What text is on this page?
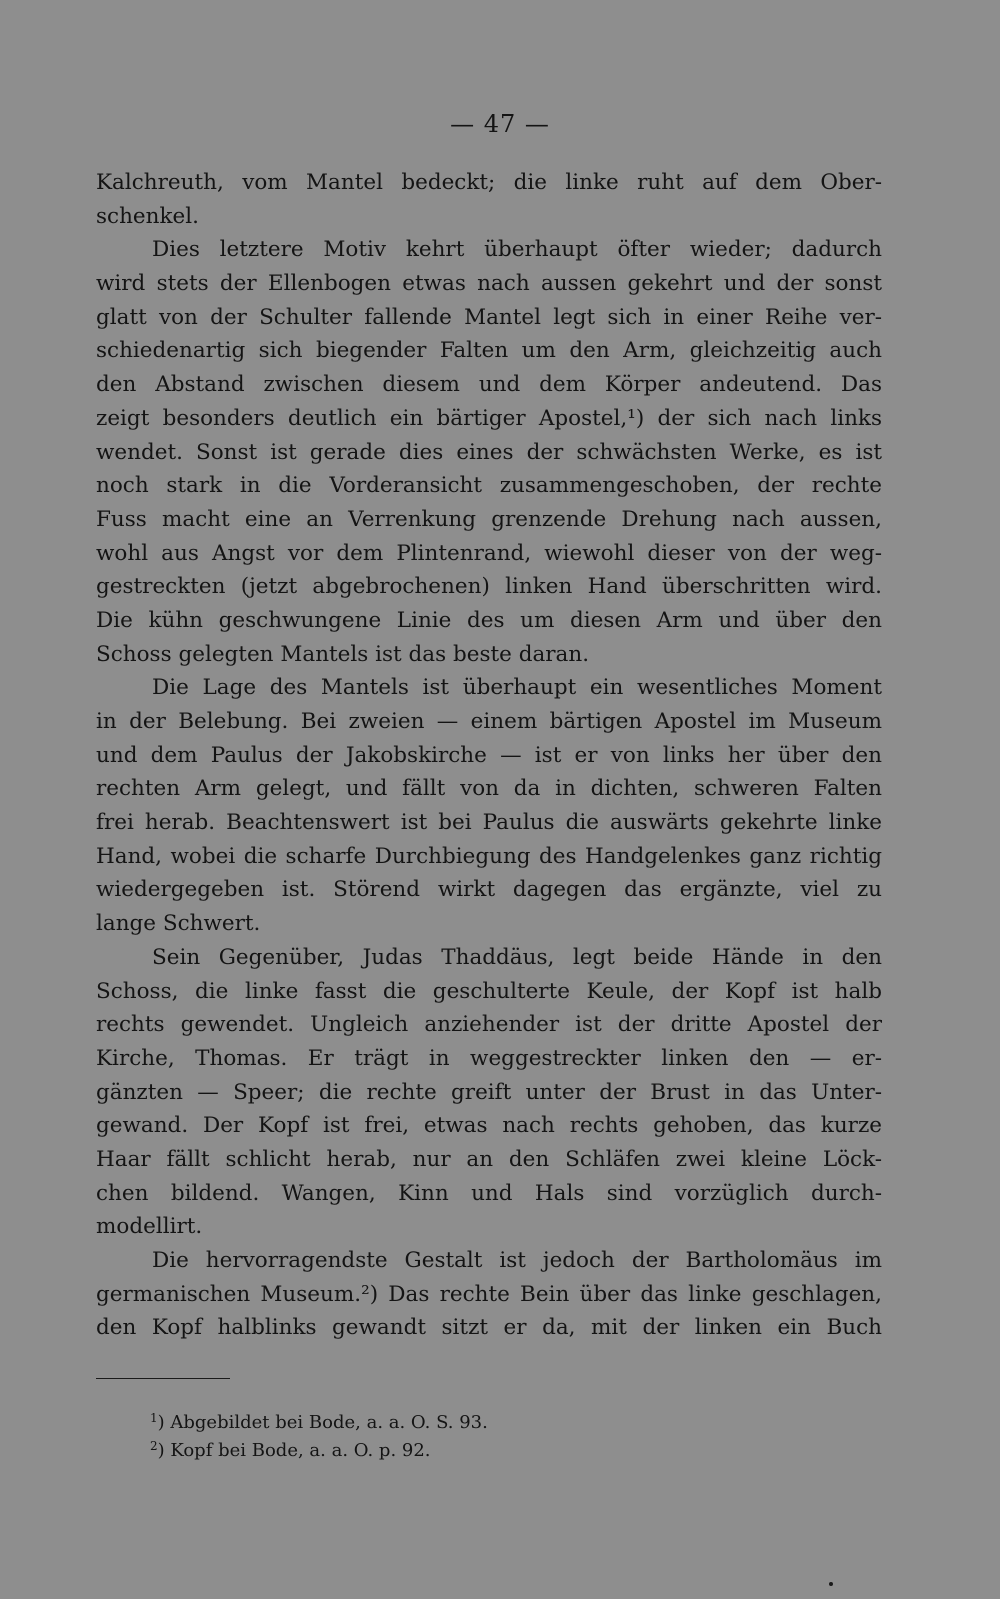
— 47 —
Kalchreuth, vom Mantel bedeckt; die linke ruht auf dem Ober-
schenkel.
Dies letztere Motiv kehrt überhaupt öfter wieder; dadurch
wird stets der Ellenbogen etwas nach aussen gekehrt und der sonst
glatt von der Schulter fallende Mantel legt sich in einer Reihe ver-
schiedenartig sich biegender Falten um den Arm, gleichzeitig auch
den Abstand zwischen diesem und dem Körper andeutend. Das
zeigt besonders deutlich ein bärtiger Apostel,¹) der sich nach links
wendet. Sonst ist gerade dies eines der schwächsten Werke, es ist
noch stark in die Vorderansicht zusammengeschoben, der rechte
Fuss macht eine an Verrenkung grenzende Drehung nach aussen,
wohl aus Angst vor dem Plintenrand, wiewohl dieser von der weg-
gestreckten (jetzt abgebrochenen) linken Hand überschritten wird.
Die kühn geschwungene Linie des um diesen Arm und über den
Schoss gelegten Mantels ist das beste daran.
Die Lage des Mantels ist überhaupt ein wesentliches Moment
in der Belebung. Bei zweien — einem bärtigen Apostel im Museum
und dem Paulus der Jakobskirche — ist er von links her über den
rechten Arm gelegt, und fällt von da in dichten, schweren Falten
frei herab. Beachtenswert ist bei Paulus die auswärts gekehrte linke
Hand, wobei die scharfe Durchbiegung des Handgelenkes ganz richtig
wiedergegeben ist. Störend wirkt dagegen das ergänzte, viel zu
lange Schwert.
Sein Gegenüber, Judas Thaddäus, legt beide Hände in den
Schoss, die linke fasst die geschulterte Keule, der Kopf ist halb
rechts gewendet. Ungleich anziehender ist der dritte Apostel der
Kirche, Thomas. Er trägt in weggestreckter linken den — er-
gänzten — Speer; die rechte greift unter der Brust in das Unter-
gewand. Der Kopf ist frei, etwas nach rechts gehoben, das kurze
Haar fällt schlicht herab, nur an den Schläfen zwei kleine Löck-
chen bildend. Wangen, Kinn und Hals sind vorzüglich durch-
modellirt.
Die hervorragendste Gestalt ist jedoch der Bartholomäus im
germanischen Museum.²) Das rechte Bein über das linke geschlagen,
den Kopf halblinks gewandt sitzt er da, mit der linken ein Buch
$^1$) Abgebildet bei Bode, a. a. O. S. 93.
$^2$) Kopf bei Bode, a. a. O. p. 92.
